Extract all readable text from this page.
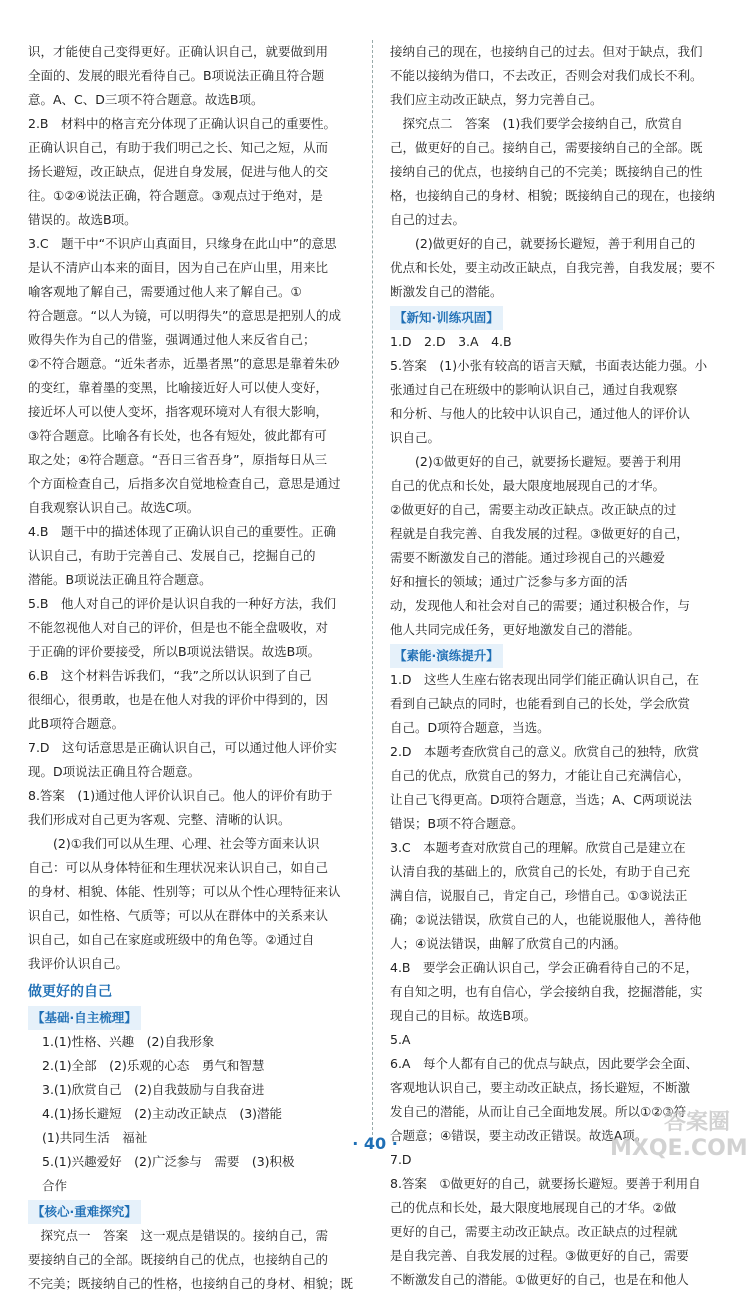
识，才能使自己变得更好。正确认识自己，就要做到用
全面的、发展的眼光看待自己。B项说法正确且符合题
意。A、C、D三项不符合题意。故选B项。
2.B　材料中的格言充分体现了正确认识自己的重要性。
正确认识自己，有助于我们明己之长、知己之短，从而
扬长避短，改正缺点，促进自身发展，促进与他人的交
往。①②④说法正确，符合题意。③观点过于绝对，是
错误的。故选B项。
3.C　题干中“不识庐山真面目，只缘身在此山中”的意思
是认不清庐山本来的面目，因为自己在庐山里，用来比
喻客观地了解自己，需要通过他人来了解自己。①
符合题意。“以人为镜，可以明得失”的意思是把别人的成
败得失作为自己的借鉴，强调通过他人来反省自己；
②不符合题意。“近朱者赤，近墨者黑”的意思是靠着朱砂
的变红，靠着墨的变黑，比喻接近好人可以使人变好，
接近坏人可以使人变坏，指客观环境对人有很大影响，
③符合题意。比喻各有长处，也各有短处，彼此都有可
取之处；④符合题意。“吾日三省吾身”，原指每日从三
个方面检查自己，后指多次自觉地检查自己，意思是通过
自我观察认识自己。故选C项。
4.B　题干中的描述体现了正确认识自己的重要性。正确
认识自己，有助于完善自己、发展自己，挖掘自己的
潜能。B项说法正确且符合题意。
5.B　他人对自己的评价是认识自我的一种好方法，我们
不能忽视他人对自己的评价，但是也不能全盘吸收，对
于正确的评价要接受，所以B项说法错误。故选B项。
6.B　这个材料告诉我们，“我”之所以认识到了自己
很细心，很勇敢，也是在他人对我的评价中得到的，因
此B项符合题意。
7.D　这句话意思是正确认识自己，可以通过他人评价实
现。D项说法正确且符合题意。
8.答案　(1)通过他人评价认识自己。他人的评价有助于
我们形成对自己更为客观、完整、清晰的认识。
　　(2)①我们可以从生理、心理、社会等方面来认识
自己：可以从身体特征和生理状况来认识自己，如自己
的身材、相貌、体能、性别等；可以从个性心理特征来认
识自己，如性格、气质等；可以从在群体中的关系来认
识自己，如自己在家庭或班级中的角色等。②通过自
我评价认识自己。
做更好的自己
【基础·自主梳理】
1.(1)性格、兴趣　(2)自我形象
2.(1)全部　(2)乐观的心态　勇气和智慧
3.(1)欣赏自己　(2)自我鼓励与自我奋进
4.(1)扬长避短　(2)主动改正缺点　(3)潜能
(1)共同生活　福祉
5.(1)兴趣爱好　(2)广泛参与　需要　(3)积极
合作
【核心·重难探究】
　探究点一　答案　这一观点是错误的。接纳自己，需
要接纳自己的全部。既接纳自己的优点，也接纳自己的
不完美；既接纳自己的性格，也接纳自己的身材、相貌；既
接纳自己的现在，也接纳自己的过去。但对于缺点，我们
不能以接纳为借口，不去改正，否则会对我们成长不利。
我们应主动改正缺点，努力完善自己。
　探究点二　答案　(1)我们要学会接纳自己，欣赏自
己，做更好的自己。接纳自己，需要接纳自己的全部。既
接纳自己的优点，也接纳自己的不完美；既接纳自己的性
格，也接纳自己的身材、相貌；既接纳自己的现在，也接纳
自己的过去。
　　(2)做更好的自己，就要扬长避短，善于利用自己的
优点和长处，要主动改正缺点，自我完善，自我发展；要不
断激发自己的潜能。
【新知·训练巩固】
1.D　2.D　3.A　4.B
5.答案　(1)小张有较高的语言天赋，书面表达能力强。小
张通过自己在班级中的影响认识自己，通过自我观察
和分析、与他人的比较中认识自己，通过他人的评价认
识自己。
　　(2)①做更好的自己，就要扬长避短。要善于利用
自己的优点和长处，最大限度地展现自己的才华。
②做更好的自己，需要主动改正缺点。改正缺点的过
程就是自我完善、自我发展的过程。③做更好的自己，
需要不断激发自己的潜能。通过珍视自己的兴趣爱
好和擅长的领域；通过广泛参与多方面的活
动，发现他人和社会对自己的需要；通过积极合作，与
他人共同完成任务，更好地激发自己的潜能。
【素能·演练提升】
1.D　这些人生座右铭表现出同学们能正确认识自己，在
看到自己缺点的同时，也能看到自己的长处，学会欣赏
自己。D项符合题意，当选。
2.D　本题考查欣赏自己的意义。欣赏自己的独特，欣赏
自己的优点，欣赏自己的努力，才能让自己充满信心，
让自己飞得更高。D项符合题意，当选；A、C两项说法
错误；B项不符合题意。
3.C　本题考查对欣赏自己的理解。欣赏自己是建立在
认清自我的基础上的，欣赏自己的长处，有助于自己充
满自信，说服自己，肯定自己，珍惜自己。①③说法正
确；②说法错误，欣赏自己的人，也能说服他人，善待他
人；④说法错误，曲解了欣赏自己的内涵。
4.B　要学会正确认识自己，学会正确看待自己的不足，
有自知之明，也有自信心，学会接纳自我，挖掘潜能，实
现自己的目标。故选B项。
5.A
6.A　每个人都有自己的优点与缺点，因此要学会全面、
客观地认识自己，要主动改正缺点，扬长避短，不断激
发自己的潜能，从而让自己全面地发展。所以①②③符
合题意；④错误，要主动改正错误。故选A项。
7.D
8.答案　①做更好的自己，就要扬长避短。要善于利用自
己的优点和长处，最大限度地展现自己的才华。②做
更好的自己，需要主动改正缺点。改正缺点的过程就
是自我完善、自我发展的过程。③做更好的自己，需要
不断激发自己的潜能。①做更好的自己，也是在和他人
· 40 ·
答案圈 MXQE.COM
